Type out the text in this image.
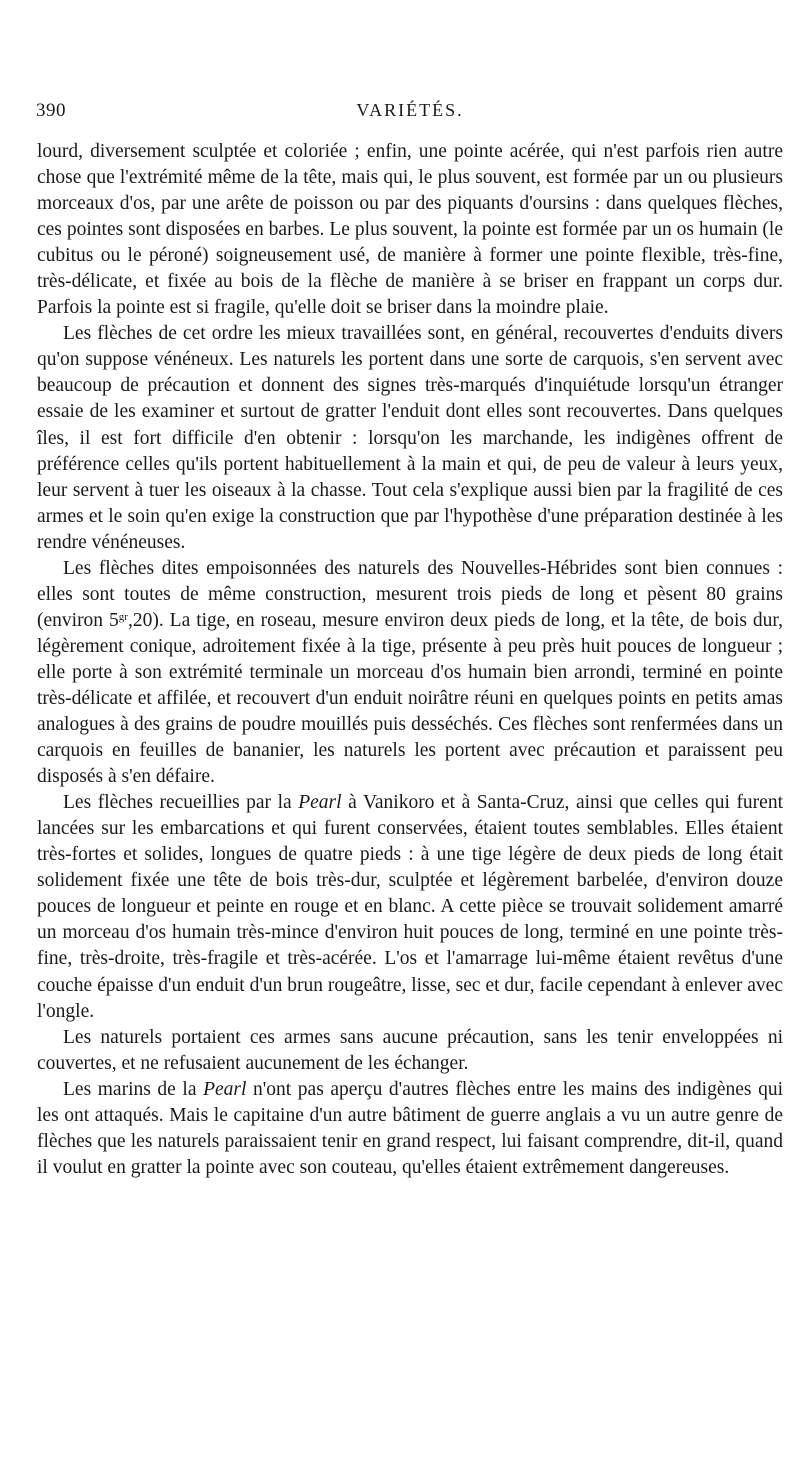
390	VARIÉTÉS.

lourd, diversement sculptée et coloriée ; enfin, une pointe acérée, qui n'est parfois rien autre chose que l'extrémité même de la tête, mais qui, le plus souvent, est formée par un ou plusieurs morceaux d'os, par une arête de poisson ou par des piquants d'oursins : dans quelques flèches, ces pointes sont disposées en barbes. Le plus souvent, la pointe est formée par un os humain (le cubitus ou le péroné) soigneusement usé, de manière à former une pointe flexible, très-fine, très-délicate, et fixée au bois de la flèche de manière à se briser en frappant un corps dur. Parfois la pointe est si fragile, qu'elle doit se briser dans la moindre plaie.

Les flèches de cet ordre les mieux travaillées sont, en général, recouvertes d'enduits divers qu'on suppose vénéneux. Les naturels les portent dans une sorte de carquois, s'en servent avec beaucoup de précaution et donnent des signes très-marqués d'inquiétude lorsqu'un étranger essaie de les examiner et surtout de gratter l'enduit dont elles sont recouvertes. Dans quelques îles, il est fort difficile d'en obtenir : lorsqu'on les marchande, les indigènes offrent de préférence celles qu'ils portent habituellement à la main et qui, de peu de valeur à leurs yeux, leur servent à tuer les oiseaux à la chasse. Tout cela s'explique aussi bien par la fragilité de ces armes et le soin qu'en exige la construction que par l'hypothèse d'une préparation destinée à les rendre vénéneuses.

Les flèches dites empoisonnées des naturels des Nouvelles-Hébrides sont bien connues : elles sont toutes de même construction, mesurent trois pieds de long et pèsent 80 grains (environ $5^{gr},20$). La tige, en roseau, mesure environ deux pieds de long, et la tête, de bois dur, légèrement conique, adroitement fixée à la tige, présente à peu près huit pouces de longueur ; elle porte à son extrémité terminale un morceau d'os humain bien arrondi, terminé en pointe très-délicate et affilée, et recouvert d'un enduit noirâtre réuni en quelques points en petits amas analogues à des grains de poudre mouillés puis desséchés. Ces flèches sont renfermées dans un carquois en feuilles de bananier, les naturels les portent avec précaution et paraissent peu disposés à s'en défaire.

Les flèches recueillies par la Pearl à Vanikoro et à Santa-Cruz, ainsi que celles qui furent lancées sur les embarcations et qui furent conservées, étaient toutes semblables. Elles étaient très-fortes et solides, longues de quatre pieds : à une tige légère de deux pieds de long était solidement fixée une tête de bois très-dur, sculptée et légèrement barbelée, d'environ douze pouces de longueur et peinte en rouge et en blanc. A cette pièce se trouvait solidement amarré un morceau d'os humain très-mince d'environ huit pouces de long, terminé en une pointe très-fine, très-droite, très-fragile et très-acérée. L'os et l'amarrage lui-même étaient revêtus d'une couche épaisse d'un enduit d'un brun rougeâtre, lisse, sec et dur, facile cependant à enlever avec l'ongle.

Les naturels portaient ces armes sans aucune précaution, sans les tenir enveloppées ni couvertes, et ne refusaient aucunement de les échanger.

Les marins de la Pearl n'ont pas aperçu d'autres flèches entre les mains des indigènes qui les ont attaqués. Mais le capitaine d'un autre bâtiment de guerre anglais a vu un autre genre de flèches que les naturels paraissaient tenir en grand respect, lui faisant comprendre, dit-il, quand il voulut en gratter la pointe avec son couteau, qu'elles étaient extrêmement dangereuses.
